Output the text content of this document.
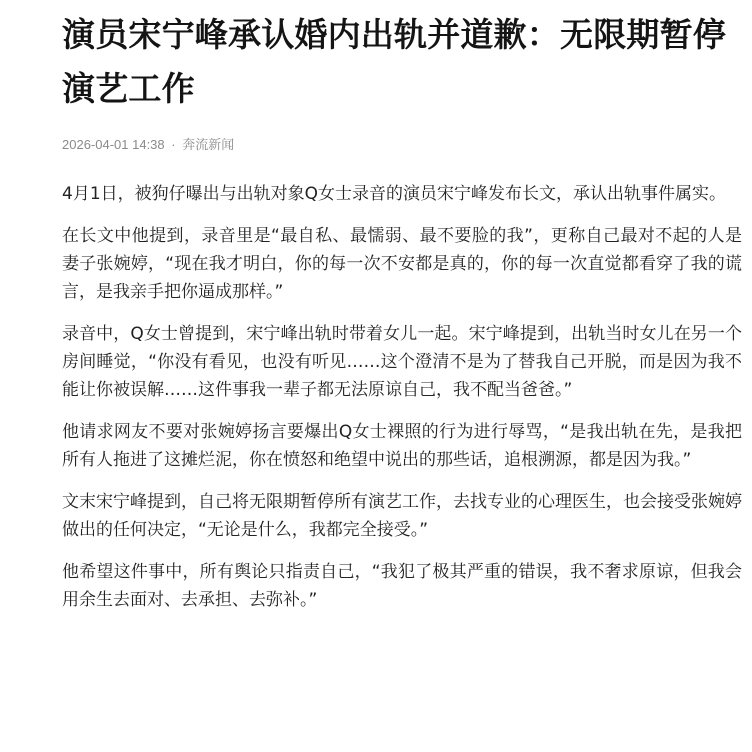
演员宋宁峰承认婚内出轨并道歉：无限期暂停演艺工作
2026-04-01 14:38 · 奔流新闻

4月1日，被狗仔曝出与出轨对象Q女士录音的演员宋宁峰发布长文，承认出轨事件属实。

在长文中他提到，录音里是“最自私、最懦弱、最不要脸的我”，更称自己最对不起的人是妻子张婉婷，“现在我才明白，你的每一次不安都是真的，你的每一次直觉都看穿了我的谎言，是我亲手把你逼成那样。”

录音中，Q女士曾提到，宋宁峰出轨时带着女儿一起。宋宁峰提到，出轨当时女儿在另一个房间睡觉，“你没有看见，也没有听见……这个澄清不是为了替我自己开脱，而是因为我不能让你被误解……这件事我一辈子都无法原谅自己，我不配当爸爸。”

他请求网友不要对张婉婷扬言要爆出Q女士裸照的行为进行辱骂，“是我出轨在先，是我把所有人拖进了这摊烂泥，你在愤怒和绝望中说出的那些话，追根溯源，都是因为我。”

文末宋宁峰提到，自己将无限期暂停所有演艺工作，去找专业的心理医生，也会接受张婉婷做出的任何决定，“无论是什么，我都完全接受。”

他希望这件事中，所有舆论只指责自己，“我犯了极其严重的错误，我不奢求原谅，但我会用余生去面对、去承担、去弥补。”
